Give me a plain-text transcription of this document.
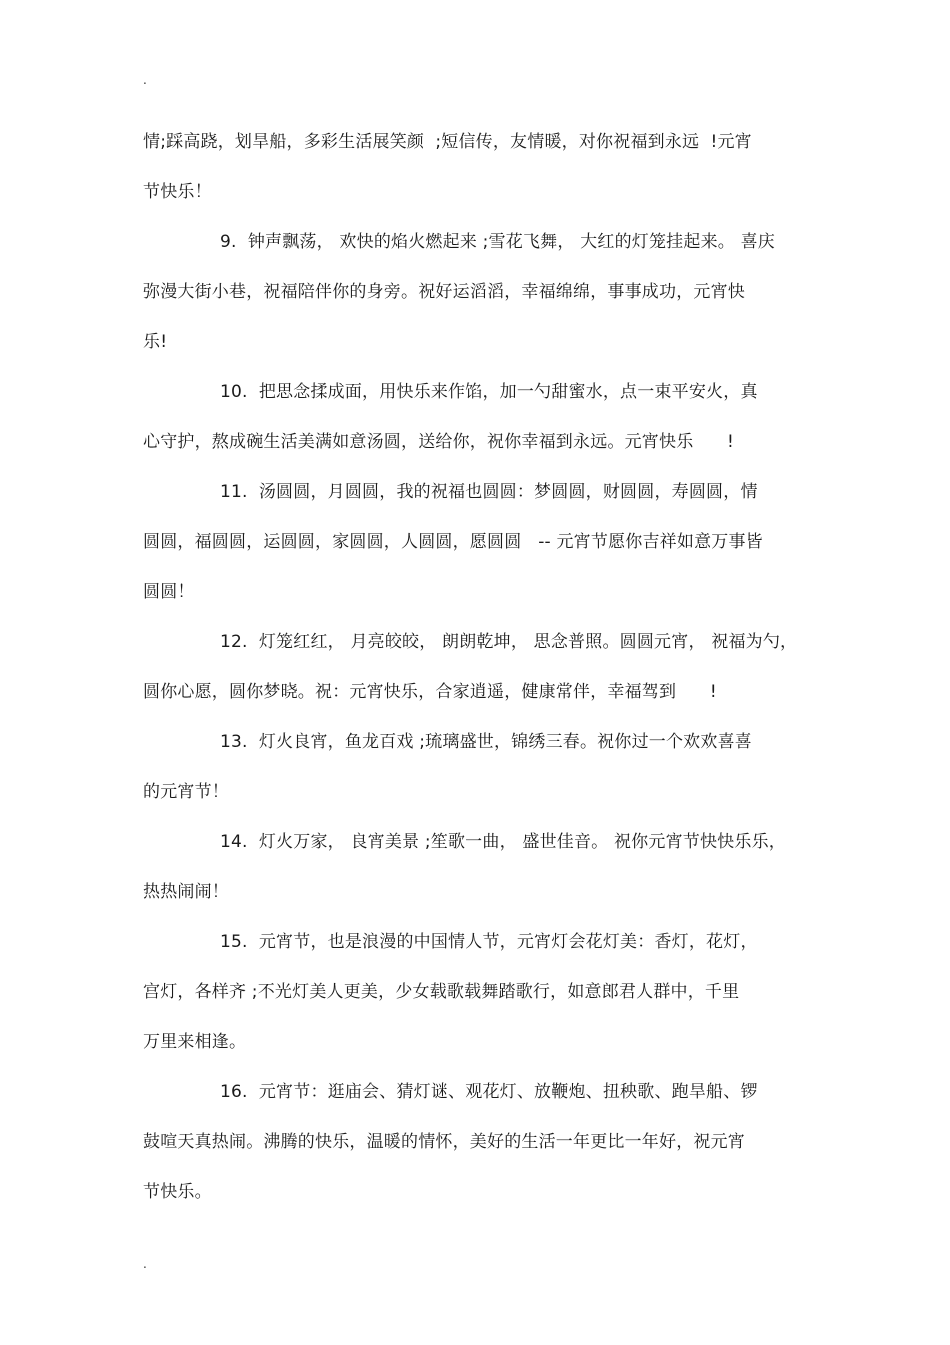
.
情;踩高跷，划旱船，多彩生活展笑颜  ;短信传，友情暖，对你祝福到永远  !元宵
节快乐！
9.  钟声飘荡， 欢快的焰火燃起来 ;雪花飞舞， 大红的灯笼挂起来。 喜庆
弥漫大街小巷，祝福陪伴你的身旁。祝好运滔滔，幸福绵绵，事事成功，元宵快
乐!
10.  把思念揉成面，用快乐来作馅，加一勺甜蜜水，点一束平安火，真
心守护，熬成碗生活美满如意汤圆，送给你，祝你幸福到永远。元宵快乐      !
11.  汤圆圆，月圆圆，我的祝福也圆圆：梦圆圆，财圆圆，寿圆圆，情
圆圆，福圆圆，运圆圆，家圆圆，人圆圆，愿圆圆   -- 元宵节愿你吉祥如意万事皆
圆圆！
12.  灯笼红红， 月亮皎皎， 朗朗乾坤， 思念普照。圆圆元宵， 祝福为勺，
圆你心愿，圆你梦晓。祝：元宵快乐，合家逍遥，健康常伴，幸福驾到      !
13.  灯火良宵，鱼龙百戏 ;琉璃盛世，锦绣三春。祝你过一个欢欢喜喜
的元宵节！
14.  灯火万家， 良宵美景 ;笙歌一曲， 盛世佳音。 祝你元宵节快快乐乐，
热热闹闹！
15.  元宵节，也是浪漫的中国情人节，元宵灯会花灯美：香灯，花灯，
宫灯，各样齐 ;不光灯美人更美，少女载歌载舞踏歌行，如意郎君人群中，千里
万里来相逢。
16.  元宵节：逛庙会、猜灯谜、观花灯、放鞭炮、扭秧歌、跑旱船、锣
鼓喧天真热闹。沸腾的快乐，温暖的情怀，美好的生活一年更比一年好，祝元宵
节快乐。
.
